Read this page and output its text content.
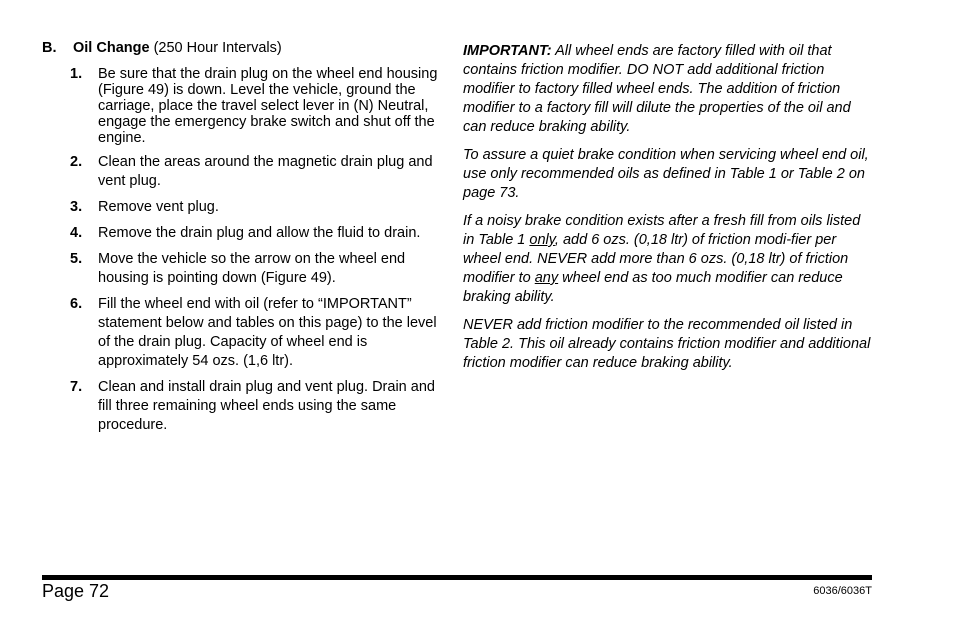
B. Oil Change (250 Hour Intervals)
1. Be sure that the drain plug on the wheel end housing (Figure 49) is down. Level the vehicle, ground the carriage, place the travel select lever in (N) Neutral, engage the emergency brake switch and shut off the engine.
2. Clean the areas around the magnetic drain plug and vent plug.
3. Remove vent plug.
4. Remove the drain plug and allow the fluid to drain.
5. Move the vehicle so the arrow on the wheel end housing is pointing down (Figure 49).
6. Fill the wheel end with oil (refer to “IMPORTANT” statement below and tables on this page) to the level of the drain plug. Capacity of wheel end is approximately 54 ozs. (1,6 ltr).
7. Clean and install drain plug and vent plug. Drain and fill three remaining wheel ends using the same procedure.

IMPORTANT: All wheel ends are factory filled with oil that contains friction modifier. DO NOT add additional friction modifier to factory filled wheel ends. The addition of friction modifier to a factory fill will dilute the properties of the oil and can reduce braking ability.

To assure a quiet brake condition when servicing wheel end oil, use only recommended oils as defined in Table 1 or Table 2 on page 73.

If a noisy brake condition exists after a fresh fill from oils listed in Table 1 only, add 6 ozs. (0,18 ltr) of friction modi-fier per wheel end. NEVER add more than 6 ozs. (0,18 ltr) of friction modifier to any wheel end as too much modifier can reduce braking ability.

NEVER add friction modifier to the recommended oil listed in Table 2. This oil already contains friction modifier and additional friction modifier can reduce braking ability.

Page 72	6036/6036T
